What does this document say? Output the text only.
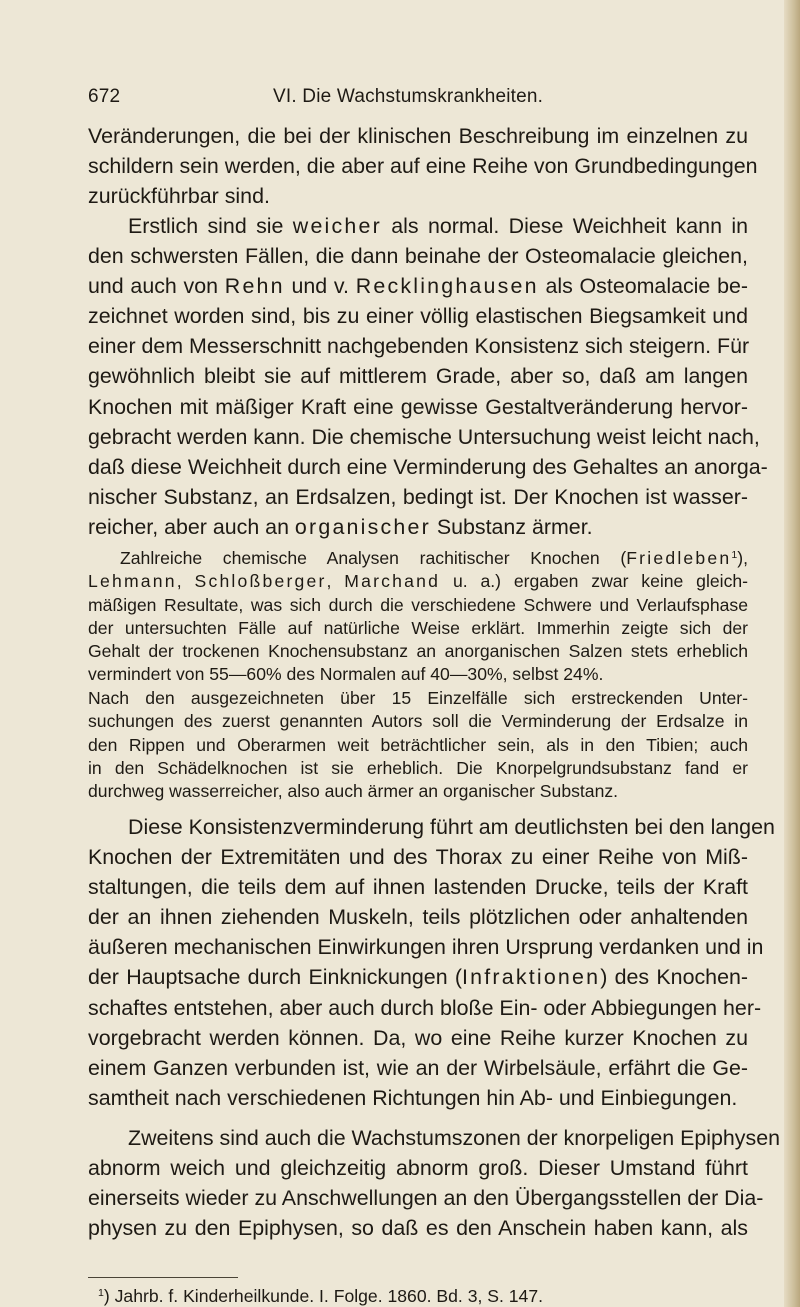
672	VI. Die Wachstumskrankheiten.
Veränderungen, die bei der klinischen Beschreibung im einzelnen zu
schildern sein werden, die aber auf eine Reihe von Grundbedingungen
zurückführbar sind.
Erstlich sind sie weicher als normal. Diese Weichheit kann in
den schwersten Fällen, die dann beinahe der Osteomalacie gleichen,
und auch von Rehn und v. Recklinghausen als Osteomalacie be-
zeichnet worden sind, bis zu einer völlig elastischen Biegsamkeit und
einer dem Messerschnitt nachgebenden Konsistenz sich steigern. Für
gewöhnlich bleibt sie auf mittlerem Grade, aber so, daß am langen
Knochen mit mäßiger Kraft eine gewisse Gestaltveränderung hervor-
gebracht werden kann. Die chemische Untersuchung weist leicht nach,
daß diese Weichheit durch eine Verminderung des Gehaltes an anorga-
nischer Substanz, an Erdsalzen, bedingt ist. Der Knochen ist wasser-
reicher, aber auch an organischer Substanz ärmer.
Zahlreiche chemische Analysen rachitischer Knochen (Friedleben$^1$),
Lehmann, Schloßberger, Marchand u. a.) ergaben zwar keine gleich-
mäßigen Resultate, was sich durch die verschiedene Schwere und Verlaufsphase
der untersuchten Fälle auf natürliche Weise erklärt. Immerhin zeigte sich der
Gehalt der trockenen Knochensubstanz an anorganischen Salzen stets erheblich
vermindert von 55—60% des Normalen auf 40—30%, selbst 24%.
Nach den ausgezeichneten über 15 Einzelfälle sich erstreckenden Unter-
suchungen des zuerst genannten Autors soll die Verminderung der Erdsalze in
den Rippen und Oberarmen weit beträchtlicher sein, als in den Tibien; auch
in den Schädelknochen ist sie erheblich. Die Knorpelgrundsubstanz fand er
durchweg wasserreicher, also auch ärmer an organischer Substanz.
Diese Konsistenzverminderung führt am deutlichsten bei den langen
Knochen der Extremitäten und des Thorax zu einer Reihe von Miß-
staltungen, die teils dem auf ihnen lastenden Drucke, teils der Kraft
der an ihnen ziehenden Muskeln, teils plötzlichen oder anhaltenden
äußeren mechanischen Einwirkungen ihren Ursprung verdanken und in
der Hauptsache durch Einknickungen (Infraktionen) des Knochen-
schaftes entstehen, aber auch durch bloße Ein- oder Abbiegungen her-
vorgebracht werden können. Da, wo eine Reihe kurzer Knochen zu
einem Ganzen verbunden ist, wie an der Wirbelsäule, erfährt die Ge-
samtheit nach verschiedenen Richtungen hin Ab- und Einbiegungen.
Zweitens sind auch die Wachstumszonen der knorpeligen Epiphysen
abnorm weich und gleichzeitig abnorm groß. Dieser Umstand führt
einerseits wieder zu Anschwellungen an den Übergangsstellen der Dia-
physen zu den Epiphysen, so daß es den Anschein haben kann, als
$^1$) Jahrb. f. Kinderheilkunde. I. Folge. 1860. Bd. 3, S. 147.
